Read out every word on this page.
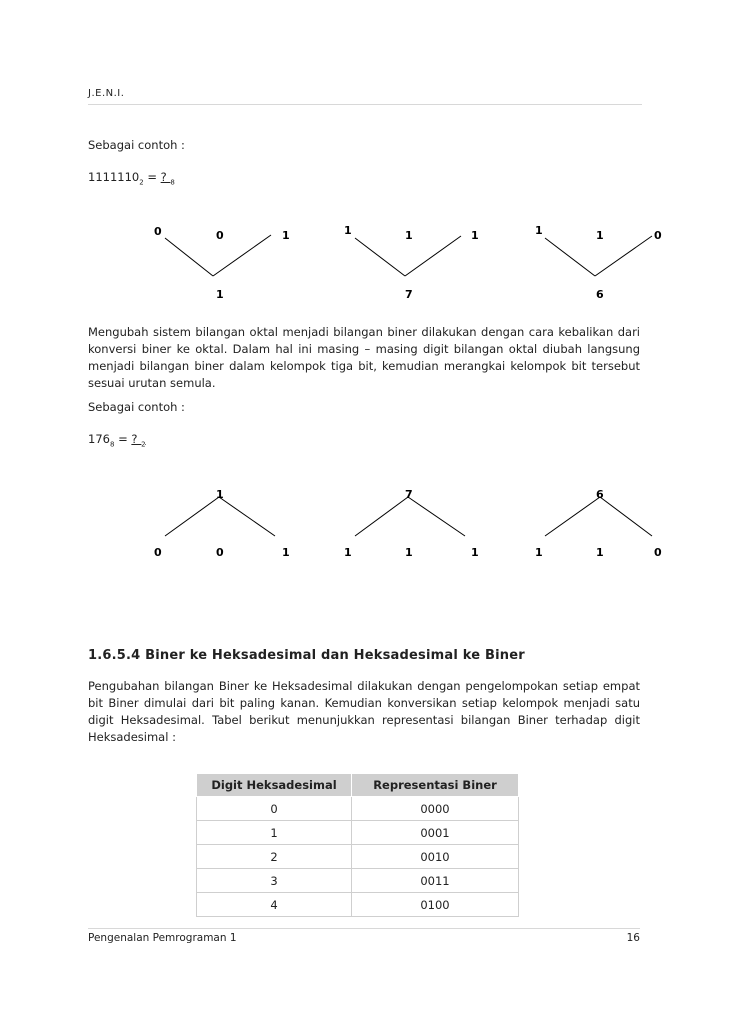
J.E.N.I.
Sebagai contoh :
$1111110_2$ = ? $_8$
0	0	1
1
1	1	1
7
1	1	0
6
Mengubah sistem bilangan oktal menjadi bilangan biner dilakukan dengan cara kebalikan dari konversi biner ke oktal. Dalam hal ini masing – masing digit bilangan oktal diubah langsung menjadi bilangan biner dalam kelompok tiga bit, kemudian merangkai kelompok bit tersebut sesuai urutan semula.
Sebagai contoh :
$176_8$ = ? $_2$
1
0	0	1
7
1	1	1
6
1	1	0
1.6.5.4 Biner ke Heksadesimal dan Heksadesimal ke Biner
Pengubahan bilangan Biner ke Heksadesimal dilakukan dengan pengelompokan setiap empat bit Biner dimulai dari bit paling kanan. Kemudian konversikan setiap kelompok menjadi satu digit Heksadesimal. Tabel berikut menunjukkan representasi bilangan Biner terhadap digit Heksadesimal :
Digit Heksadesimal	Representasi Biner
0	0000
1	0001
2	0010
3	0011
4	0100
Pengenalan Pemrograman 1	16
